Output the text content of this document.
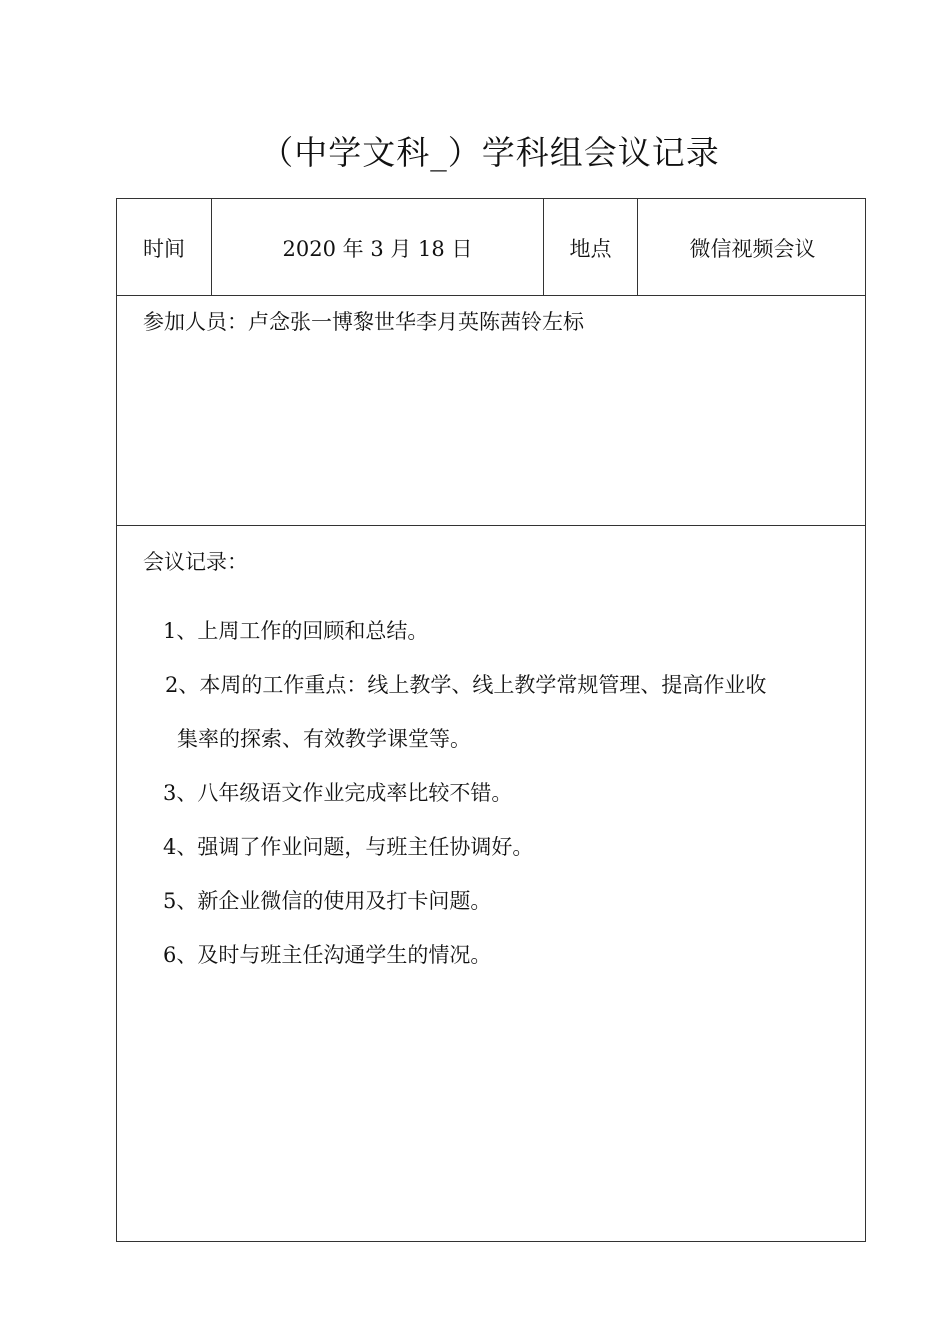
（中学文科_）学科组会议记录
时间	2020 年 3 月 18 日	地点	微信视频会议
参加人员：卢念张一博黎世华李月英陈茜铃左标
会议记录：
1、上周工作的回顾和总结。
2、本周的工作重点：线上教学、线上教学常规管理、提高作业收
集率的探索、有效教学课堂等。
3、八年级语文作业完成率比较不错。
4、强调了作业问题，与班主任协调好。
5、新企业微信的使用及打卡问题。
6、及时与班主任沟通学生的情况。
